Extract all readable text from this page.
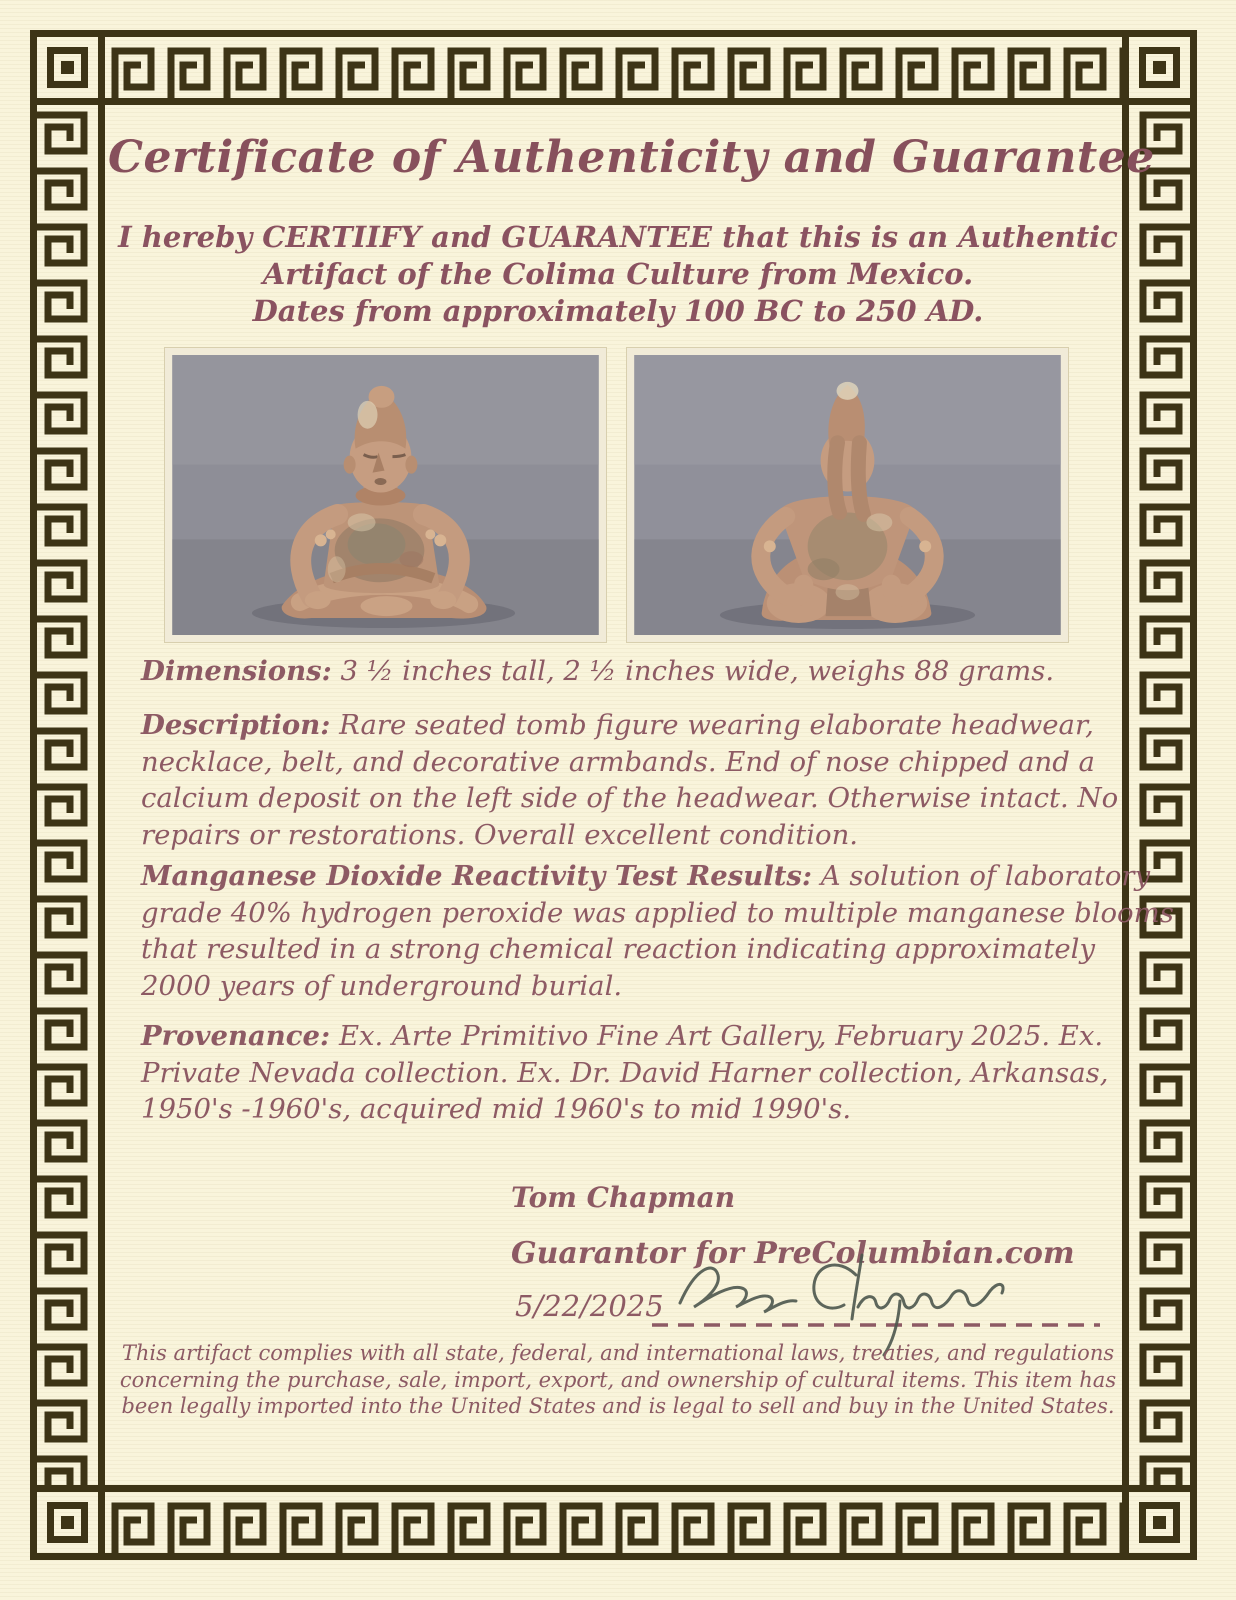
Certificate of Authenticity and Guarantee
I hereby CERTIIFY and GUARANTEE that this is an Authentic
Artifact of the Colima Culture from Mexico.
Dates from approximately 100 BC to 250 AD.
Dimensions: 3 ½ inches tall, 2 ½ inches wide, weighs 88 grams.
Description: Rare seated tomb figure wearing elaborate headwear,
necklace, belt, and decorative armbands. End of nose chipped and a
calcium deposit on the left side of the headwear. Otherwise intact. No
repairs or restorations. Overall excellent condition.
Manganese Dioxide Reactivity Test Results: A solution of laboratory
grade 40% hydrogen peroxide was applied to multiple manganese blooms
that resulted in a strong chemical reaction indicating approximately
2000 years of underground burial.
Provenance: Ex. Arte Primitivo Fine Art Gallery, February 2025. Ex.
Private Nevada collection. Ex. Dr. David Harner collection, Arkansas,
1950's -1960's, acquired mid 1960's to mid 1990's.
Tom Chapman
Guarantor for PreColumbian.com
5/22/2025
This artifact complies with all state, federal, and international laws, treaties, and regulations
concerning the purchase, sale, import, export, and ownership of cultural items. This item has
been legally imported into the United States and is legal to sell and buy in the United States.
